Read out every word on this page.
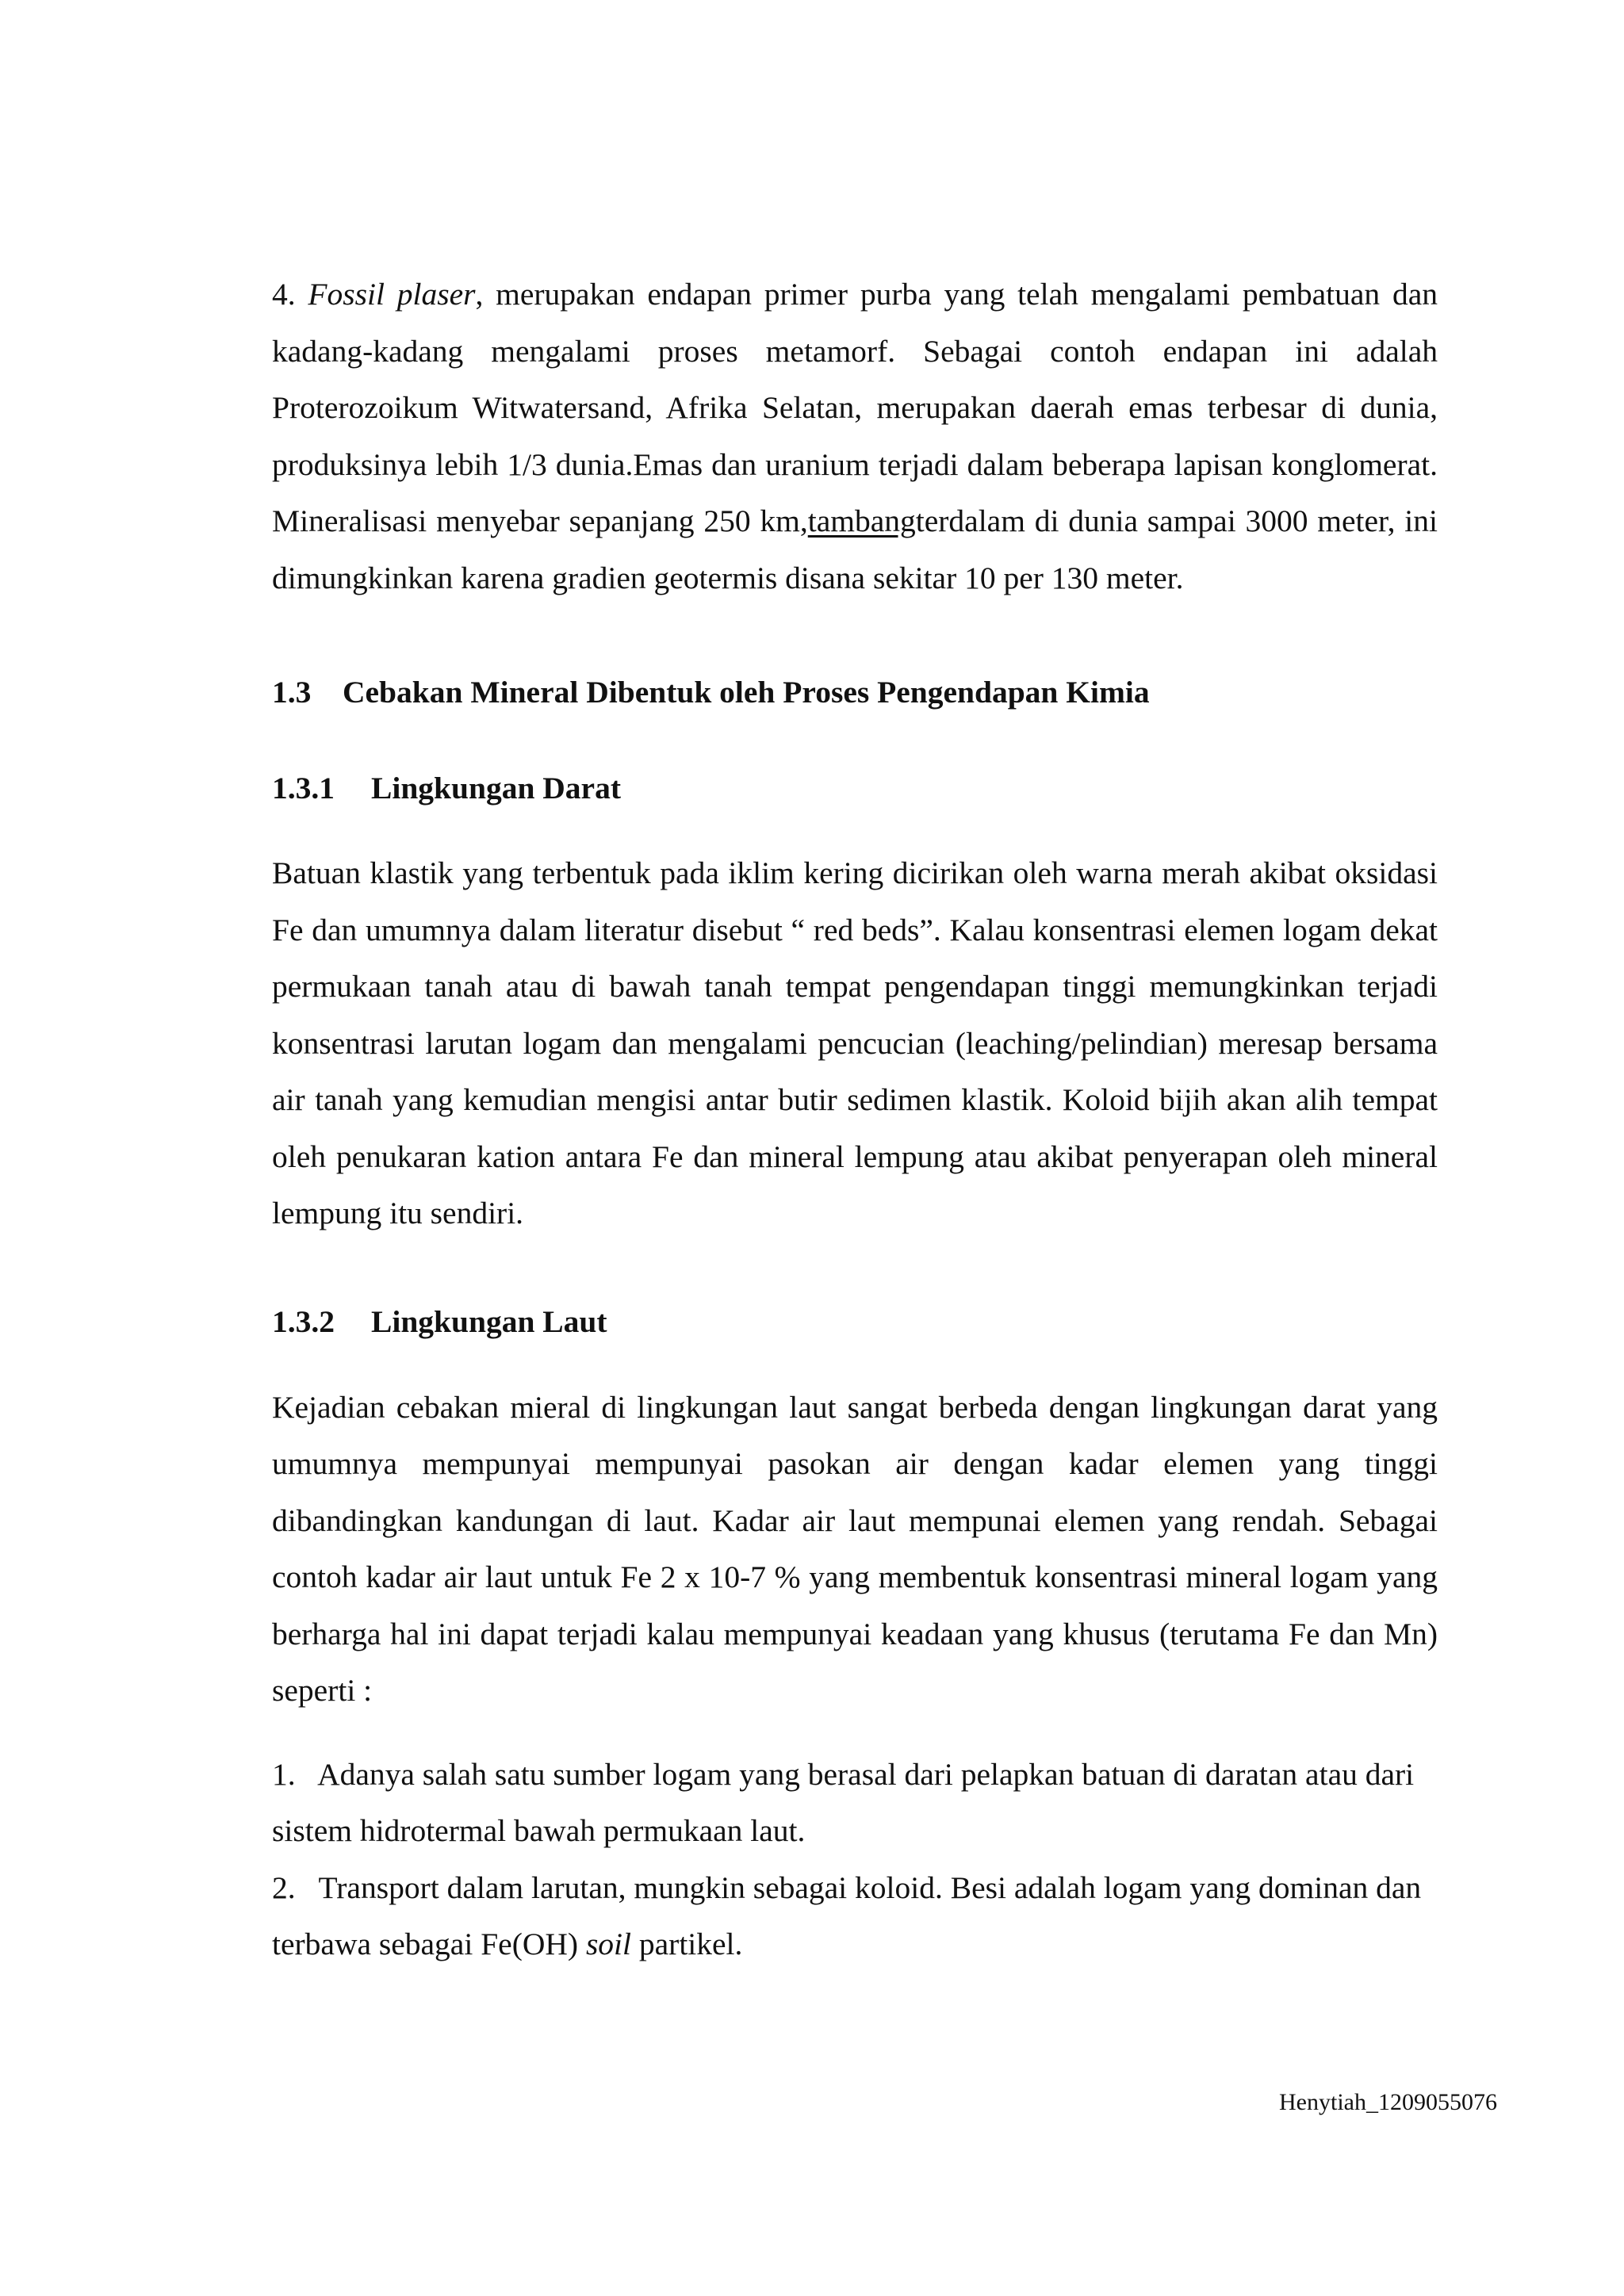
4. Fossil plaser, merupakan endapan primer purba yang telah mengalami pembatuan dan kadang-kadang mengalami proses metamorf. Sebagai contoh endapan ini adalah Proterozoikum Witwatersand, Afrika Selatan, merupakan daerah emas terbesar di dunia, produksinya lebih 1/3 dunia.Emas dan uranium terjadi dalam beberapa lapisan konglomerat. Mineralisasi menyebar sepanjang 250 km,tambangterdalam di dunia sampai 3000 meter, ini dimungkinkan karena gradien geotermis disana sekitar 10 per 130 meter.

1.3 Cebakan Mineral Dibentuk oleh Proses Pengendapan Kimia
1.3.1 Lingkungan Darat

Batuan klastik yang terbentuk pada iklim kering dicirikan oleh warna merah akibat oksidasi Fe dan umumnya dalam literatur disebut “ red beds”. Kalau konsentrasi elemen logam dekat permukaan tanah atau di bawah tanah tempat pengendapan tinggi memungkinkan terjadi konsentrasi larutan logam dan mengalami pencucian (leaching/pelindian) meresap bersama air tanah yang kemudian mengisi antar butir sedimen klastik. Koloid bijih akan alih tempat oleh penukaran kation antara Fe dan mineral lempung atau akibat penyerapan oleh mineral lempung itu sendiri.

1.3.2 Lingkungan Laut

Kejadian cebakan mieral di lingkungan laut sangat berbeda dengan lingkungan darat yang umumnya mempunyai mempunyai pasokan air dengan kadar elemen yang tinggi dibandingkan kandungan di laut. Kadar air laut mempunai elemen yang rendah. Sebagai contoh kadar air laut untuk Fe 2 x 10-7 % yang membentuk konsentrasi mineral logam yang berharga hal ini dapat terjadi kalau mempunyai keadaan yang khusus (terutama Fe dan Mn) seperti :

1.   Adanya salah satu sumber logam yang berasal dari pelapkan batuan di daratan atau dari sistem hidrotermal bawah permukaan laut.

2.   Transport dalam larutan, mungkin sebagai koloid. Besi adalah logam yang dominan dan terbawa sebagai Fe(OH) soil partikel.

Henytiah_1209055076
